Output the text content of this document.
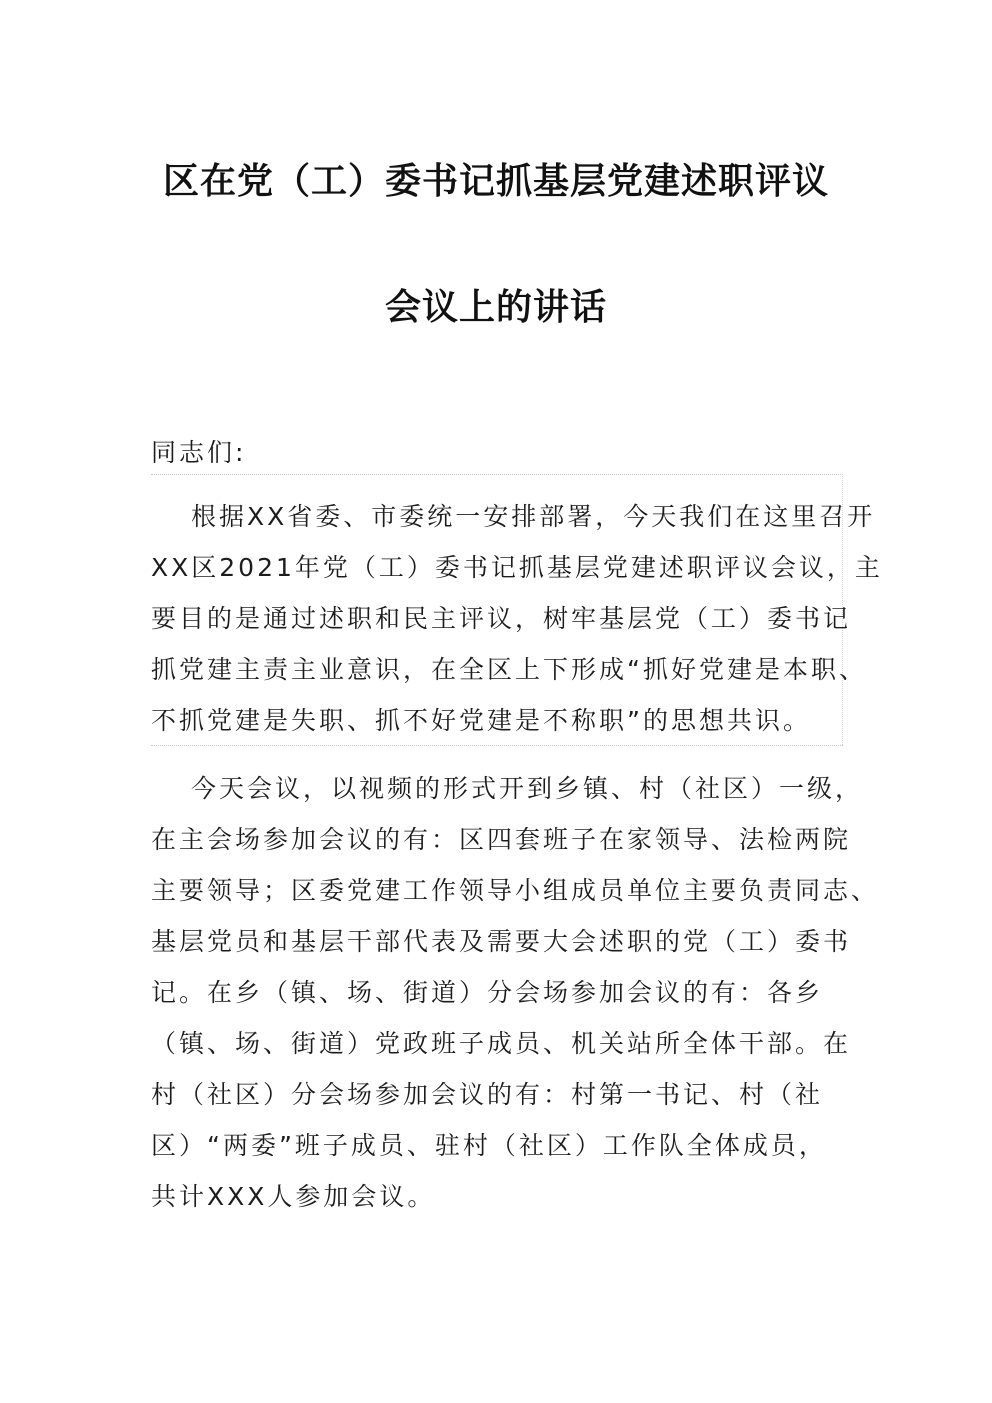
区在党（工）委书记抓基层党建述职评议
会议上的讲话
同志们:
根据XX省委、市委统一安排部署，今天我们在这里召开
XX区2021年党（工）委书记抓基层党建述职评议会议，主
要目的是通过述职和民主评议，树牢基层党（工）委书记
抓党建主责主业意识，在全区上下形成“抓好党建是本职、
不抓党建是失职、抓不好党建是不称职”的思想共识。
今天会议，以视频的形式开到乡镇、村（社区）一级，
在主会场参加会议的有：区四套班子在家领导、法检两院
主要领导；区委党建工作领导小组成员单位主要负责同志、
基层党员和基层干部代表及需要大会述职的党（工）委书
记。在乡（镇、场、街道）分会场参加会议的有：各乡
（镇、场、街道）党政班子成员、机关站所全体干部。在
村（社区）分会场参加会议的有：村第一书记、村（社
区）“两委”班子成员、驻村（社区）工作队全体成员，
共计XXX人参加会议。
